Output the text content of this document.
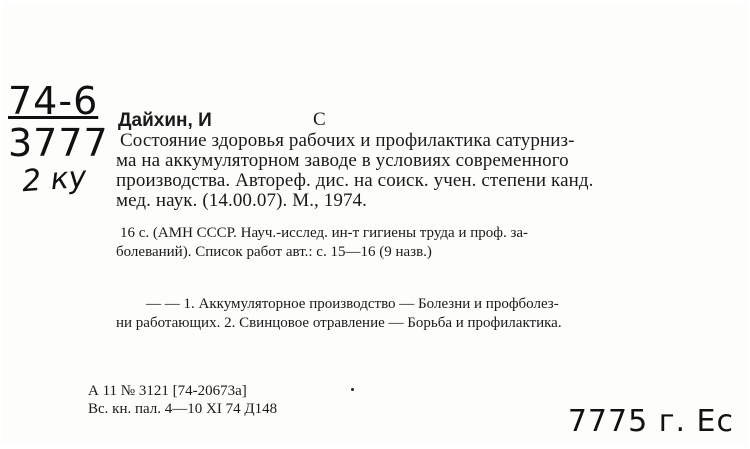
74-6
3777
2 ку
Дайхин, И	С
Состояние здоровья рабочих и профилактика сатурниз-
ма на аккумуляторном заводе в условиях современного
производства. Автореф. дис. на соиск. учен. степени канд.
мед. наук. (14.00.07). М., 1974.
16 с. (АМН СССР. Науч.-исслед. ин-т гигиены труда и проф. за-
болеваний). Список работ авт.: с. 15—16 (9 назв.)
— — 1. Аккумуляторное производство — Болезни и профболез-
ни работающих. 2. Свинцовое отравление — Борьба и профилактика.
А 11 № 3121 [74-20673а]
Вс. кн. пал. 4—10 XI 74 Д148	7775 г. Ес
